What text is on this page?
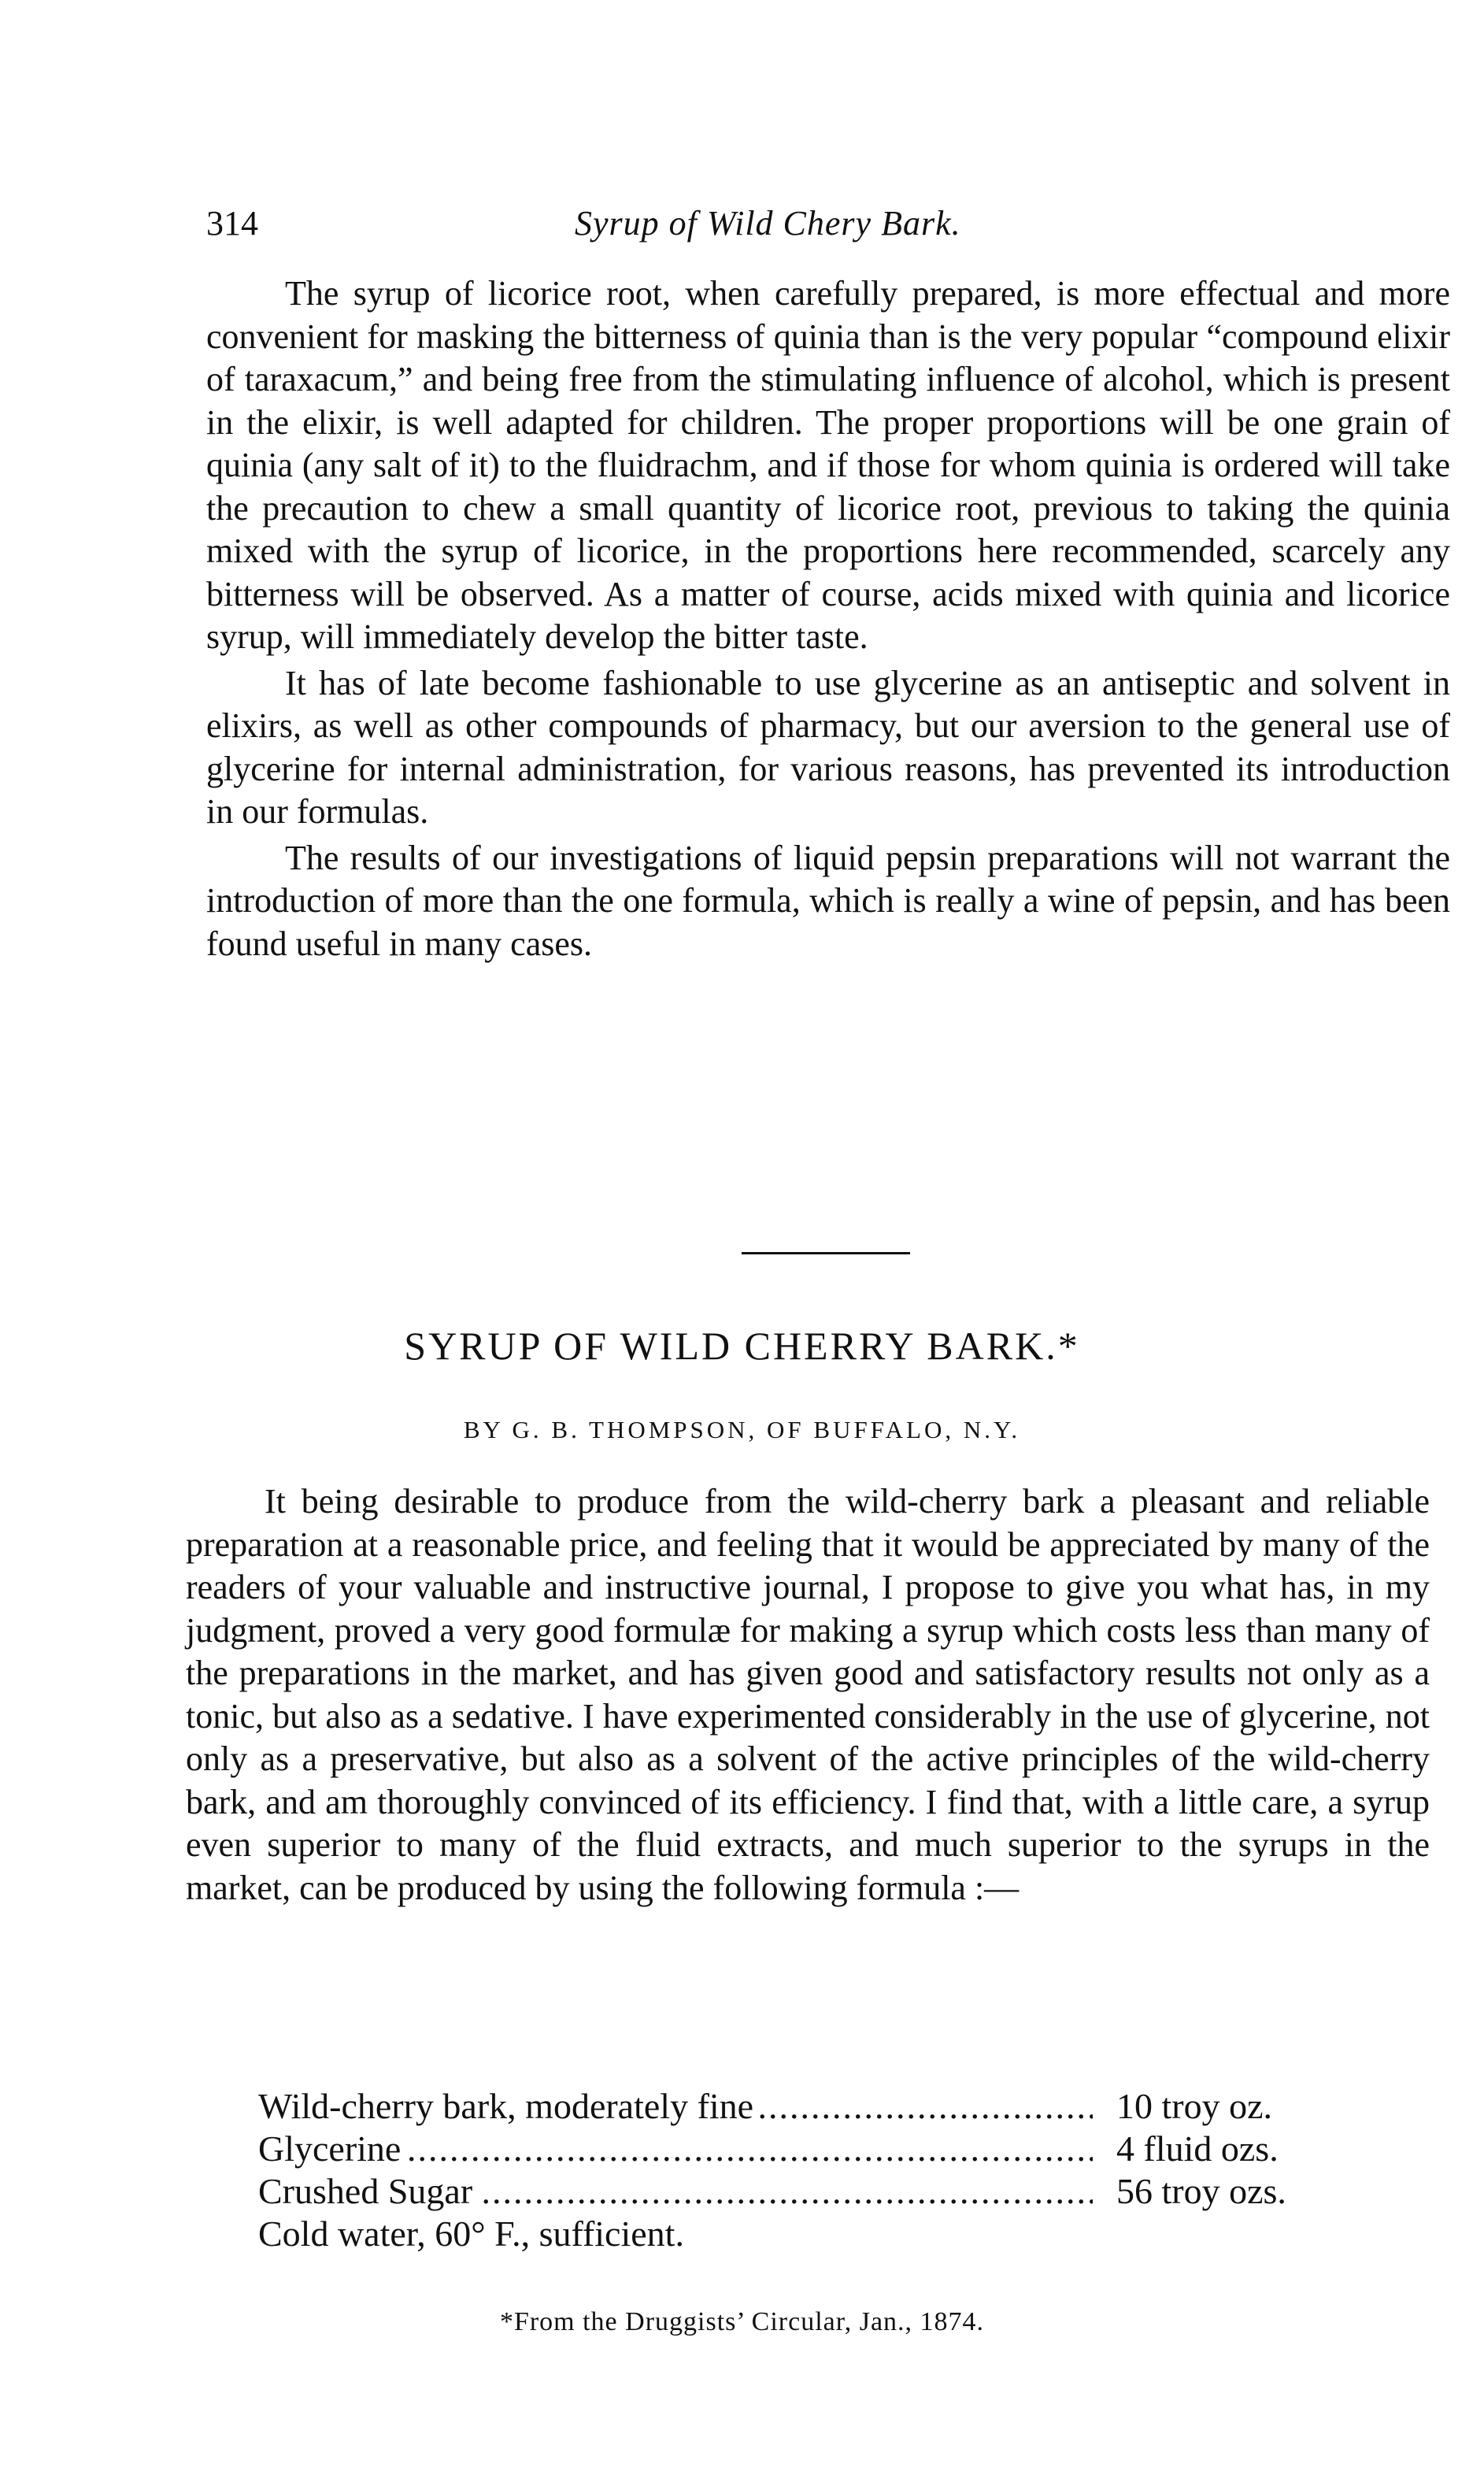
314	Syrup of Wild Chery Bark.

The syrup of licorice root, when carefully prepared, is more effectual and more convenient for masking the bitterness of quinia than is the very popular “compound elixir of taraxacum,” and being free from the stimulating influence of alcohol, which is present in the elixir, is well adapted for children. The proper proportions will be one grain of quinia (any salt of it) to the fluidrachm, and if those for whom quinia is ordered will take the precaution to chew a small quantity of licorice root, previous to taking the quinia mixed with the syrup of licorice, in the proportions here recommended, scarcely any bitterness will be observed. As a matter of course, acids mixed with quinia and licorice syrup, will immediately develop the bitter taste.

It has of late become fashionable to use glycerine as an antiseptic and solvent in elixirs, as well as other compounds of pharmacy, but our aversion to the general use of glycerine for internal administration, for various reasons, has prevented its introduction in our formulas.

The results of our investigations of liquid pepsin preparations will not warrant the introduction of more than the one formula, which is really a wine of pepsin, and has been found useful in many cases.

SYRUP OF WILD CHERRY BARK.*
BY G. B. THOMPSON, OF BUFFALO, N.Y.

It being desirable to produce from the wild-cherry bark a pleasant and reliable preparation at a reasonable price, and feeling that it would be appreciated by many of the readers of your valuable and instructive journal, I propose to give you what has, in my judgment, proved a very good formulæ for making a syrup which costs less than many of the preparations in the market, and has given good and satisfactory results not only as a tonic, but also as a sedative. I have experimented considerably in the use of glycerine, not only as a preservative, but also as a solvent of the active principles of the wild-cherry bark, and am thoroughly convinced of its efficiency. I find that, with a little care, a syrup even superior to many of the fluid extracts, and much superior to the syrups in the market, can be produced by using the following formula :—

.....
Wild-cherry bark, moderately fine	10 troy oz.
.....
Glycerine	4 fluid ozs.
.....
Crushed Sugar	56 troy ozs.
Cold water, 60° F., sufficient.
*From the Druggists’ Circular, Jan., 1874.
